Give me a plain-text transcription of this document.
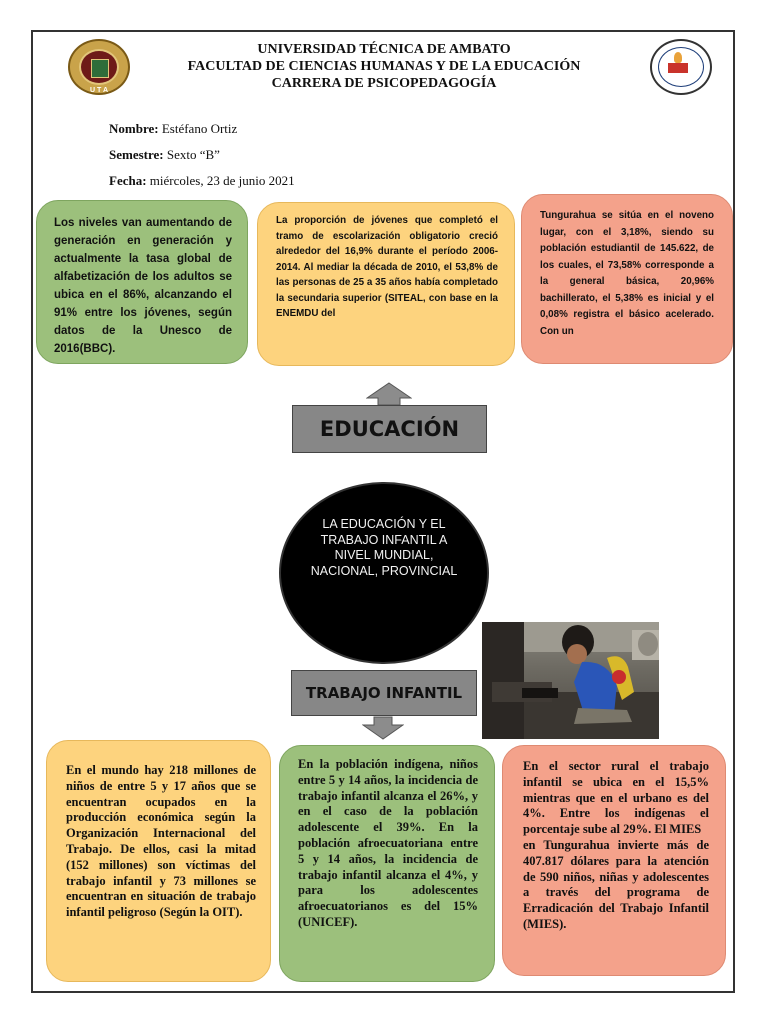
U T A
UNIVERSIDAD TÉCNICA DE AMBATO
FACULTAD DE CIENCIAS HUMANAS Y DE LA EDUCACIÓN
CARRERA DE PSICOPEDAGOGÍA
Nombre: Estéfano Ortiz
Semestre: Sexto “B”
Fecha: miércoles, 23 de junio 2021
Los niveles van aumentando de generación en generación y actualmente la tasa global de alfabetización de los adultos se ubica en el 86%, alcanzando el 91% entre los jóvenes, según datos de la Unesco de 2016(BBC).
La proporción de jóvenes que completó el tramo de escolarización obligatorio creció alrededor del 16,9% durante el período 2006- 2014. Al mediar la década de 2010, el 53,8% de las personas de 25 a 35 años había completado la secundaria superior (SITEAL, con base en la ENEMDU del
Tungurahua se sitúa en el noveno lugar, con el 3,18%, siendo su población estudiantil de 145.622, de los cuales, el 73,58% corresponde a la general básica, 20,96% bachillerato, el 5,38% es inicial y el 0,08% registra el básico acelerado. Con un
EDUCACIÓN
LA EDUCACIÓN Y EL TRABAJO INFANTIL A NIVEL MUNDIAL, NACIONAL, PROVINCIAL
TRABAJO INFANTIL
En el mundo hay 218 millones de niños de entre 5 y 17 años que se encuentran ocupados en la producción económica según la Organización Internacional del Trabajo. De ellos, casi la mitad (152 millones) son víctimas del trabajo infantil y 73 millones se encuentran en situación de trabajo infantil peligroso (Según la OIT).
En la población indígena, niños entre 5 y 14 años, la incidencia de trabajo infantil alcanza el 26%, y en el caso de la población adolescente el 39%. En la población afroecuatoriana entre 5 y 14 años, la incidencia de trabajo infantil alcanza el 4%, y para los adolescentes afroecuatorianos es del 15% (UNICEF).
En el sector rural el trabajo infantil se ubica en el 15,5% mientras que en el urbano es del 4%. Entre los indígenas el porcentaje sube al 29%. El MIES
en Tungurahua invierte más de 407.817 dólares para la atención de 590 niños, niñas y adolescentes a través del programa de Erradicación del Trabajo Infantil (MIES).
